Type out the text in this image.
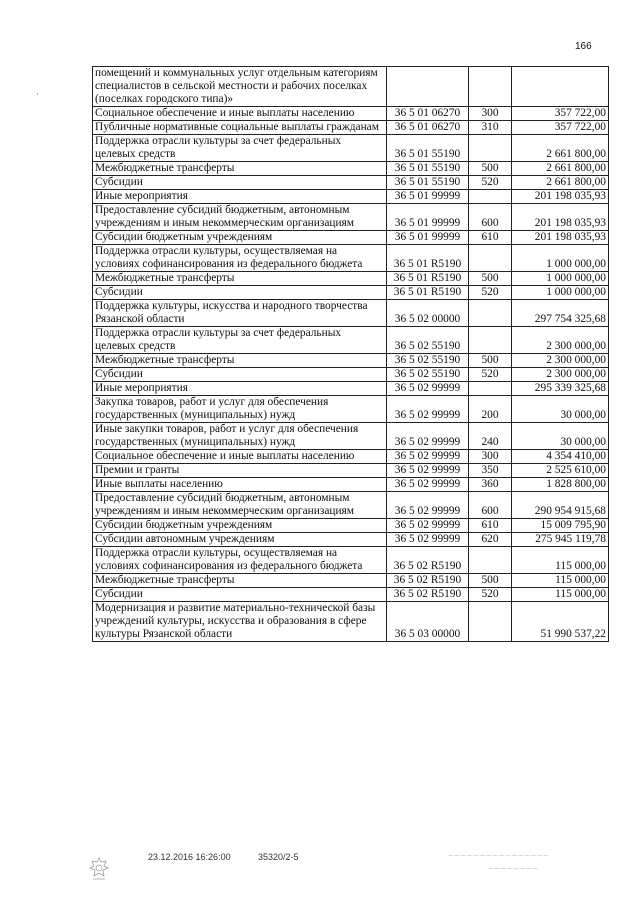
166
·
помещений и коммунальных услуг отдельным категориям специалистов в сельской местности и рабочих поселках (поселках городского типа)»			
Социальное обеспечение и иные выплаты населению	36 5 01 06270	300	357 722,00
Публичные нормативные социальные выплаты гражданам	36 5 01 06270	310	357 722,00
Поддержка отрасли культуры за счет федеральных целевых средств	36 5 01 55190		2 661 800,00
Межбюджетные трансферты	36 5 01 55190	500	2 661 800,00
Субсидии	36 5 01 55190	520	2 661 800,00
Иные мероприятия	36 5 01 99999		201 198 035,93
Предоставление субсидий бюджетным, автономным учреждениям и иным некоммерческим организациям	36 5 01 99999	600	201 198 035,93
Субсидии бюджетным учреждениям	36 5 01 99999	610	201 198 035,93
Поддержка отрасли культуры, осуществляемая на условиях софинансирования из федерального бюджета	36 5 01 R5190		1 000 000,00
Межбюджетные трансферты	36 5 01 R5190	500	1 000 000,00
Субсидии	36 5 01 R5190	520	1 000 000,00
Поддержка культуры, искусства и народного творчества Рязанской области	36 5 02 00000		297 754 325,68
Поддержка отрасли культуры за счет федеральных целевых средств	36 5 02 55190		2 300 000,00
Межбюджетные трансферты	36 5 02 55190	500	2 300 000,00
Субсидии	36 5 02 55190	520	2 300 000,00
Иные мероприятия	36 5 02 99999		295 339 325,68
Закупка товаров, работ и услуг для обеспечения государственных (муниципальных) нужд	36 5 02 99999	200	30 000,00
Иные закупки товаров, работ и услуг для обеспечения государственных (муниципальных) нужд	36 5 02 99999	240	30 000,00
Социальное обеспечение и иные выплаты населению	36 5 02 99999	300	4 354 410,00
Премии и гранты	36 5 02 99999	350	2 525 610,00
Иные выплаты населению	36 5 02 99999	360	1 828 800,00
Предоставление субсидий бюджетным, автономным учреждениям и иным некоммерческим организациям	36 5 02 99999	600	290 954 915,68
Субсидии бюджетным учреждениям	36 5 02 99999	610	15 009 795,90
Субсидии автономным учреждениям	36 5 02 99999	620	275 945 119,78
Поддержка отрасли культуры, осуществляемая на условиях софинансирования из федерального бюджета	36 5 02 R5190		115 000,00
Межбюджетные трансферты	36 5 02 R5190	500	115 000,00
Субсидии	36 5 02 R5190	520	115 000,00
Модернизация и развитие материально-технической базы учреждений культуры, искусства и образования в сфере культуры Рязанской области	36 5 03 00000		51 990 537,22
23.12.2016 16:26:00	35320/2-5	~~~~~~~~~~~~~~~~
~~~~~~~~
